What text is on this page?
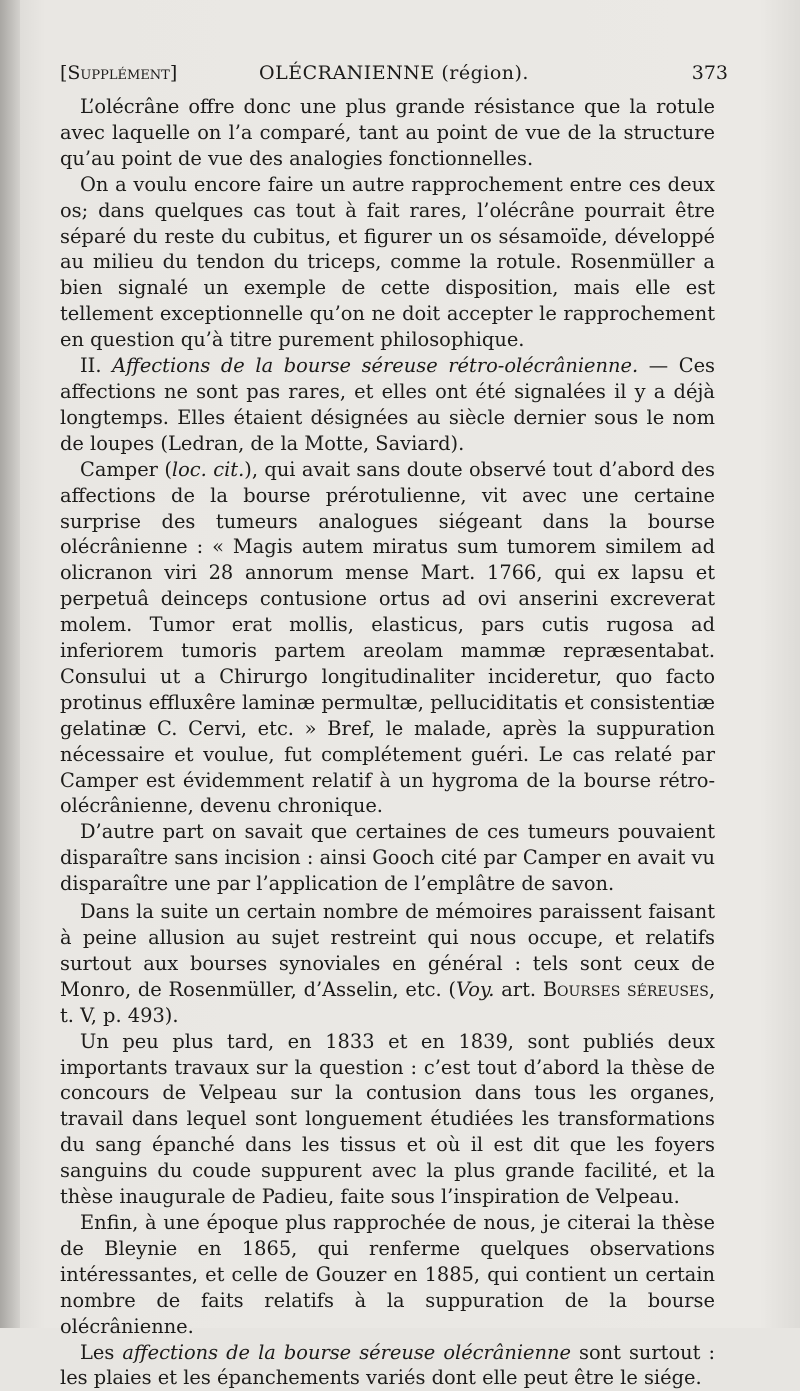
[Supplément]	OLÉCRANIENNE (région).	373

L’olécrâne offre donc une plus grande résistance que la rotule avec laquelle on l’a comparé, tant au point de vue de la structure qu’au point de vue des analogies fonctionnelles.

On a voulu encore faire un autre rapprochement entre ces deux os; dans quelques cas tout à fait rares, l’olécrâne pourrait être séparé du reste du cubitus, et figurer un os sésamoïde, développé au milieu du tendon du triceps, comme la rotule. Rosenmüller a bien signalé un exemple de cette disposition, mais elle est tellement exceptionnelle qu’on ne doit accepter le rapprochement en question qu’à titre purement philosophique.

II. Affections de la bourse séreuse rétro-olécrânienne. — Ces affections ne sont pas rares, et elles ont été signalées il y a déjà longtemps. Elles étaient désignées au siècle dernier sous le nom de loupes (Ledran, de la Motte, Saviard).

Camper (loc. cit.), qui avait sans doute observé tout d’abord des affections de la bourse prérotulienne, vit avec une certaine surprise des tumeurs analogues siégeant dans la bourse olécrânienne : « Magis autem miratus sum tumorem similem ad olicranon viri 28 annorum mense Mart. 1766, qui ex lapsu et perpetuâ deinceps contusione ortus ad ovi anserini excreverat molem. Tumor erat mollis, elasticus, pars cutis rugosa ad inferiorem tumoris partem areolam mammæ repræsentabat. Consului ut a Chirurgo longitudinaliter incideretur, quo facto protinus effluxêre laminæ permultæ, pelluciditatis et consistentiæ gelatinæ C. Cervi, etc. » Bref, le malade, après la suppuration nécessaire et voulue, fut complétement guéri. Le cas relaté par Camper est évidemment relatif à un hygroma de la bourse rétro-olécrânienne, devenu chronique.

D’autre part on savait que certaines de ces tumeurs pouvaient disparaître sans incision : ainsi Gooch cité par Camper en avait vu disparaître une par l’application de l’emplâtre de savon.

Dans la suite un certain nombre de mémoires paraissent faisant à peine allusion au sujet restreint qui nous occupe, et relatifs surtout aux bourses synoviales en général : tels sont ceux de Monro, de Rosenmüller, d’Asselin, etc. (Voy. art. Bourses séreuses, t. V, p. 493).

Un peu plus tard, en 1833 et en 1839, sont publiés deux importants travaux sur la question : c’est tout d’abord la thèse de concours de Velpeau sur la contusion dans tous les organes, travail dans lequel sont longuement étudiées les transformations du sang épanché dans les tissus et où il est dit que les foyers sanguins du coude suppurent avec la plus grande facilité, et la thèse inaugurale de Padieu, faite sous l’inspiration de Velpeau.

Enfin, à une époque plus rapprochée de nous, je citerai la thèse de Bleynie en 1865, qui renferme quelques observations intéressantes, et celle de Gouzer en 1885, qui contient un certain nombre de faits relatifs à la suppuration de la bourse olécrânienne.

Les affections de la bourse séreuse olécrânienne sont surtout : les plaies et les épanchements variés dont elle peut être le siége.
